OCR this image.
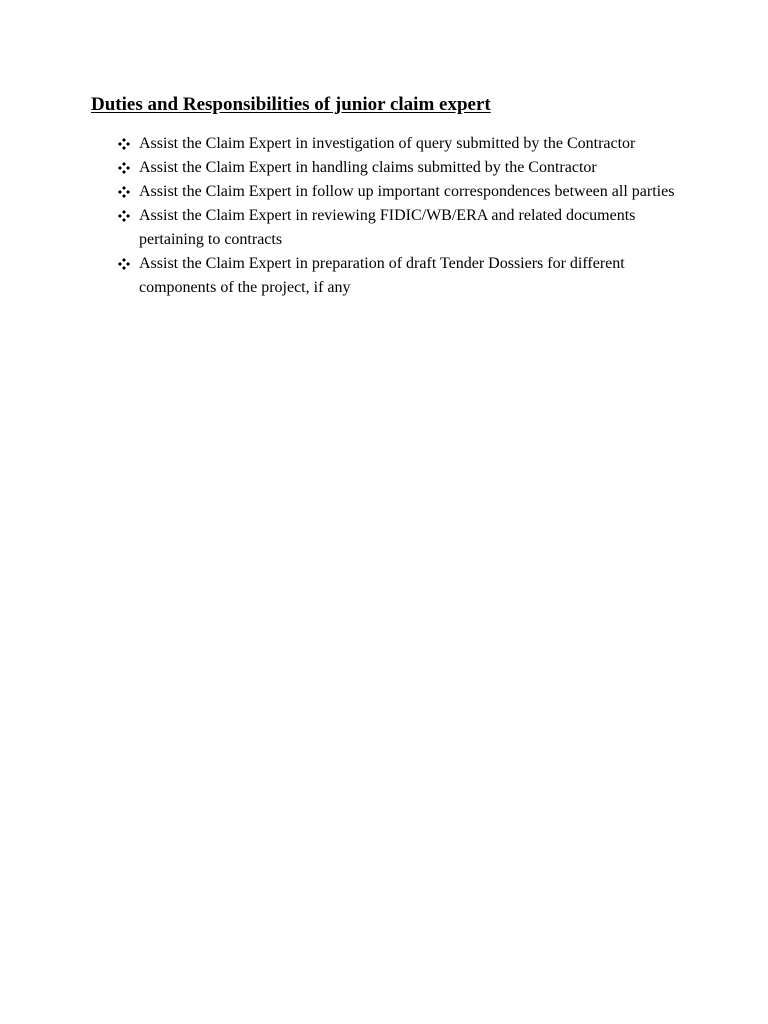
Duties and Responsibilities of junior claim expert
Assist the Claim Expert in investigation of query submitted by the Contractor
Assist the Claim Expert in handling claims submitted by the Contractor
Assist the Claim Expert in follow up important correspondences between all parties
Assist the Claim Expert in reviewing FIDIC/WB/ERA and related documents pertaining to contracts
Assist the Claim Expert in preparation of draft Tender Dossiers for different components of the project, if any
